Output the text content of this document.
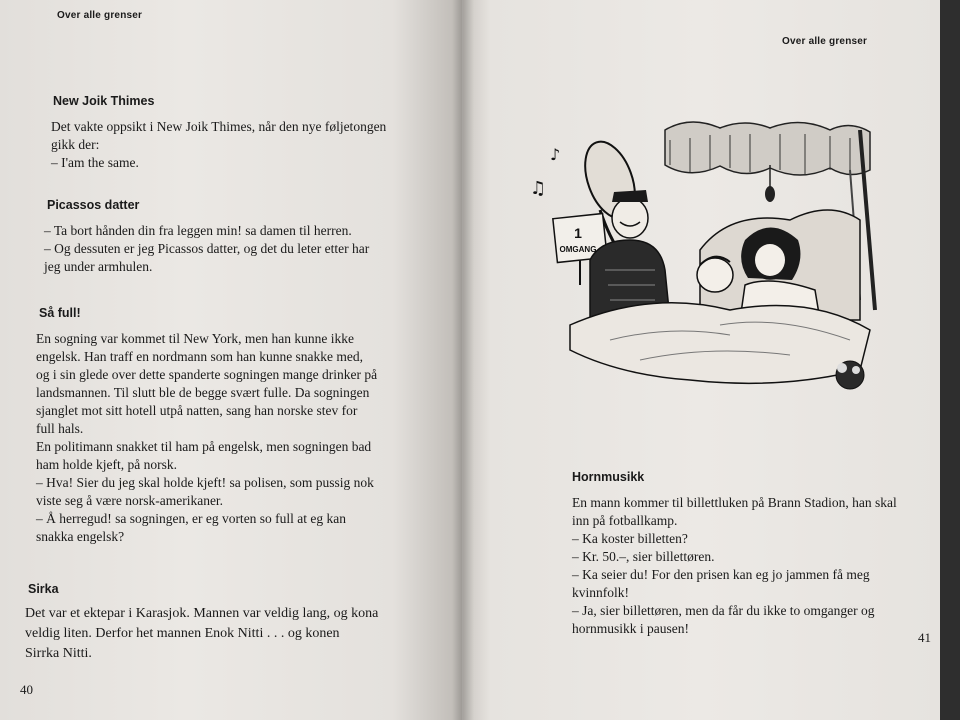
Over alle grenser
New Joik Thimes

Det vakte oppsikt i New Joik Thimes, når den nye føljetongen
gikk der:
– I'am the same.

Picassos datter

– Ta bort hånden din fra leggen min! sa damen til herren.
– Og dessuten er jeg Picassos datter, og det du leter etter har
jeg under armhulen.

Så full!

En sogning var kommet til New York, men han kunne ikke
engelsk. Han traff en nordmann som han kunne snakke med,
og i sin glede over dette spanderte sogningen mange drinker på
landsmannen. Til slutt ble de begge svært fulle. Da sogningen
sjanglet mot sitt hotell utpå natten, sang han norske stev for
full hals.
En politimann snakket til ham på engelsk, men sogningen bad
ham holde kjeft, på norsk.
– Hva! Sier du jeg skal holde kjeft! sa polisen, som pussig nok
viste seg å være norsk-amerikaner.
– Å herregud! sa sogningen, er eg vorten so full at eg kan
snakka engelsk?

Sirka

Det var et ektepar i Karasjok. Mannen var veldig lang, og kona
veldig liten. Derfor het mannen Enok Nitti . . . og konen
Sirrka Nitti.

40
Over alle grenser
Hornmusikk

En mann kommer til billettluken på Brann Stadion, han skal
inn på fotballkamp.
– Ka koster billetten?
– Kr. 50.–, sier billettøren.
– Ka seier du! For den prisen kan eg jo jammen få meg
kvinnfolk!
– Ja, sier billettøren, men da får du ikke to omganger og
hornmusikk i pausen!

41
♪
♫
1
OMGANG
